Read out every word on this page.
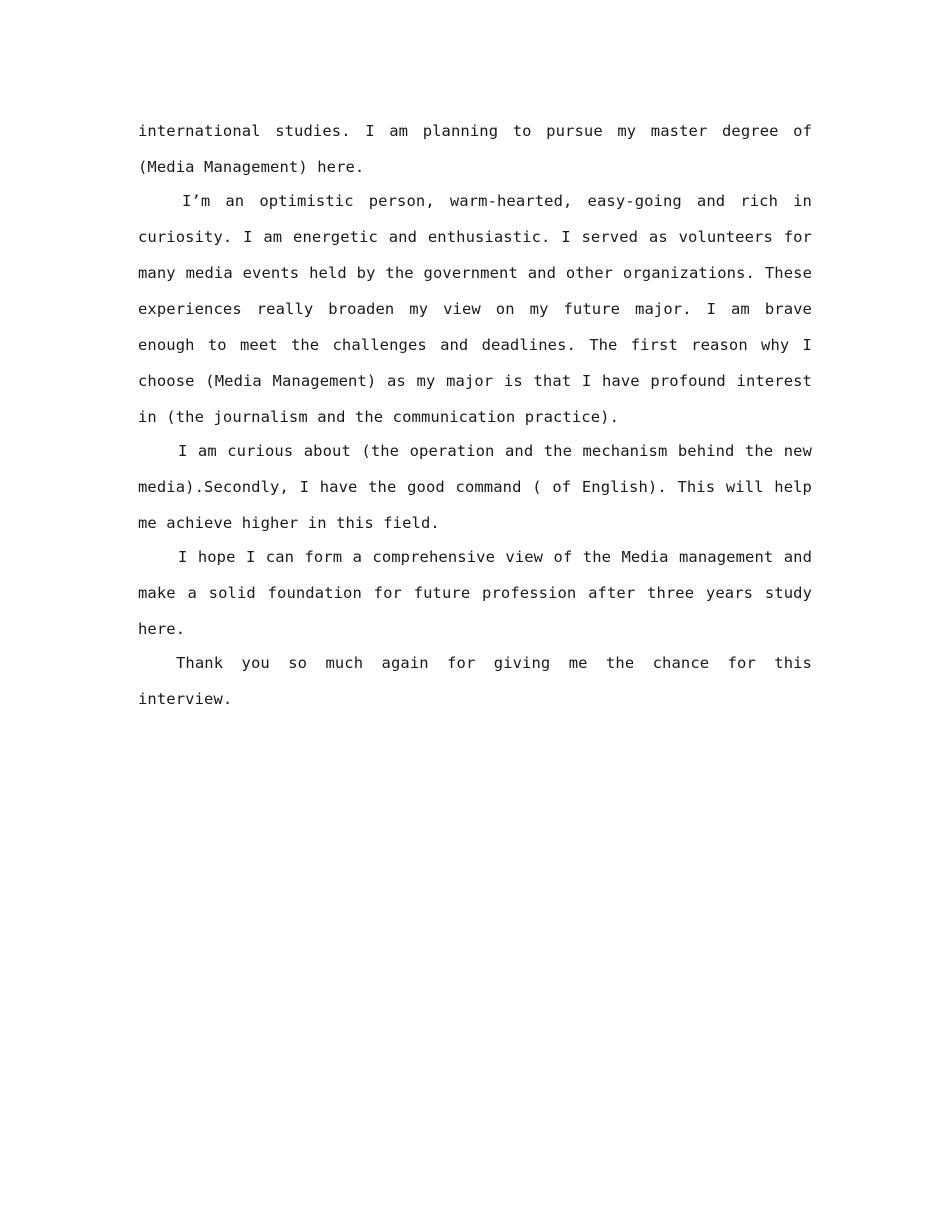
international studies. I am planning to pursue my master degree of (Media Management) here.

I’m an optimistic person, warm-hearted, easy-going and rich in curiosity. I am energetic and enthusiastic. I served as volunteers for many media events held by the government and other organizations. These experiences really broaden my view on my future major. I am brave enough to meet the challenges and deadlines. The first reason why I choose (Media Management) as my major is that I have profound interest in (the journalism and the communication practice).

I am curious about (the operation and the mechanism behind the new media).Secondly, I have the good command ( of English). This will help me achieve higher in this field.

I hope I can form a comprehensive view of the Media management and make a solid foundation for future profession after three years study here.

Thank you so much again for giving me the chance for this interview.
